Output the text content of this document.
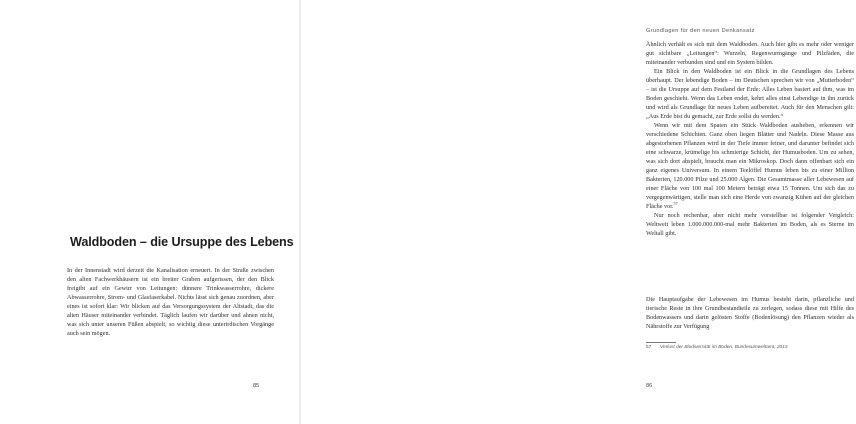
Waldboden – die Ursuppe des Lebens

In der Innenstadt wird derzeit die Kanalisation erneuert. In der Straße zwischen den alten Fachwerkhäusern ist ein breiter Graben aufgerissen, der den Blick freigibt auf ein Gewirr von Leitungen: dünnere Trinkwasserrohre, dickere Abwasserrohre, Strom- und Glasfaserkabel. Nichts lässt sich genau zuordnen, aber eines ist sofort klar: Wir blicken auf das Versorgungssystem der Altstadt, das die alten Häuser miteinander verbindet. Täglich laufen wir darüber und ahnen nicht, was sich unter unseren Füßen abspielt, so wichtig diese unterirdischen Vorgänge auch sein mögen.

85
Grundlagen für den neuen Denkansatz

Ähnlich verhält es sich mit dem Waldboden. Auch hier gibt es mehr oder weniger gut sichtbare „Leitungen“: Wurzeln, Regenwurmgänge und Pilzfäden, die miteinander verbunden sind und ein System bilden.

Ein Blick in den Waldboden ist ein Blick in die Grundlagen des Lebens überhaupt. Der lebendige Boden – im Deutschen sprechen wir von „Mutterboden“ – ist die Ursuppe auf dem Festland der Erde: Alles Leben basiert auf ihm, was im Boden geschieht. Wenn das Leben endet, kehrt alles einst Lebendige in ihn zurück und wird als Grundlage für neues Leben aufbereitet. Auch für den Menschen gilt: „Aus Erde bist du gemacht, zur Erde sollst du werden.“

Wenn wir mit dem Spaten ein Stück Waldboden ausheben, erkennen wir verschiedene Schichten. Ganz oben liegen Blätter und Nadeln. Diese Masse aus abgestorbenen Pflanzen wird in der Tiefe immer feiner, und darunter befindet sich eine schwarze, krümelige bis schmierige Schicht, der Humusboden. Um zu sehen, was sich dort abspielt, braucht man ein Mikroskop. Doch dann offenbart sich ein ganz eigenes Universum. In einem Teelöffel Humus leben bis zu einer Million Bakterien, 120.000 Pilze und 25.000 Algen. Die Gesamtmasse aller Lebewesen auf einer Fläche von 100 mal 100 Metern beträgt etwa 15 Tonnen. Um sich das zu vergegenwärtigen, stelle man sich eine Herde von zwanzig Kühen auf der gleichen Fläche vor.$^{57}$

Nur noch rechenbar, aber nicht mehr vorstellbar ist folgender Vergleich: Weltweit leben 1.000.000.000-mal mehr Bakterien im Boden, als es Sterne im Weltall gibt.

Die Hauptaufgabe der Lebewesen im Humus besteht darin, pflanzliche und tierische Reste in ihre Grundbestandteile zu zerlegen, sodass diese mit Hilfe des Bodenwassers und darin gelösten Stoffe (Bodenlösung) den Pflanzen wieder als Nährstoffe zur Verfügung

57 Verlust der Biodiversität im Boden, Bundesumweltamt, 2013
86
